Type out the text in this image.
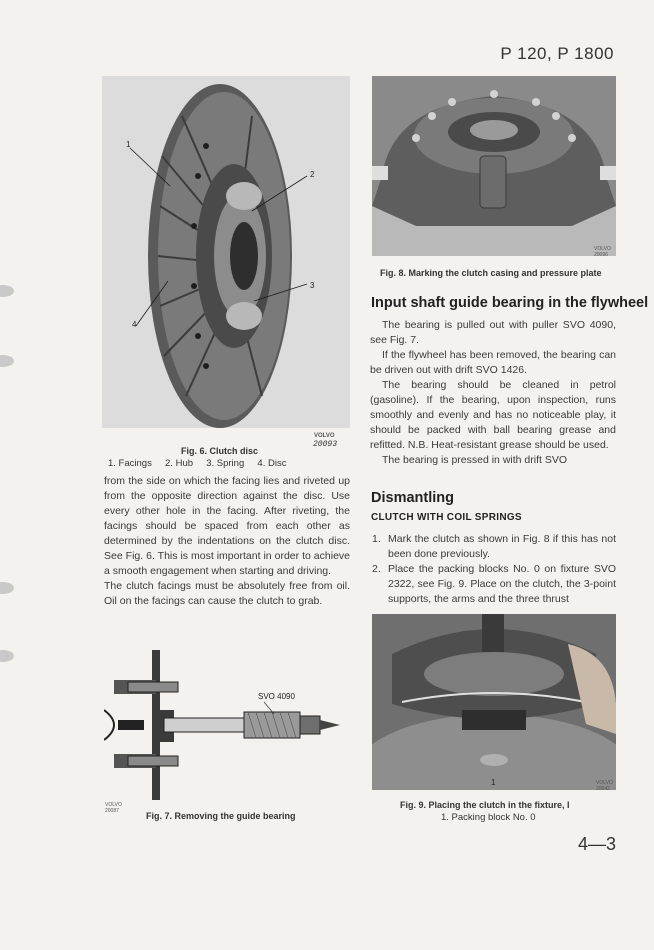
P 120, P 1800
1
2
3
4
VOLVO
20093
Fig. 6. Clutch disc
1. Facings     2. Hub     3. Spring     4. Disc
VOLVO 20096
Fig. 8. Marking the clutch casing and pressure plate
Input shaft guide bearing in the flywheel

The bearing is pulled out with puller SVO 4090, see Fig. 7.

If the flywheel has been removed, the bearing can be driven out with drift SVO 1426.

The bearing should be cleaned in petrol (gasoline). If the bearing, upon inspection, runs smoothly and evenly and has no noticeable play, it should be packed with ball bearing grease and refitted. N.B. Heat-resistant grease should be used.

The bearing is pressed in with drift SVO

from the side on which the facing lies and riveted up from the opposite direction against the disc. Use every other hole in the facing. After riveting, the facings should be spaced from each other as determined by the indentations on the clutch disc. See Fig. 6. This is most important in order to achieve a smooth engagement when starting and driving.

The clutch facings must be absolutely free from oil. Oil on the facings can cause the clutch to grab.

Dismantling
CLUTCH WITH COIL SPRINGS
1. Mark the clutch as shown in Fig. 8 if this has not been done previously.
2. Place the packing blocks No. 0 on fixture SVO 2322, see Fig. 9. Place on the clutch, the 3-point supports, the arms and the three thrust
SVO 4090
VOLVO 20087	Fig. 7. Removing the guide bearing
1	VOLVO 20042
Fig. 9. Placing the clutch in the fixture, I
1. Packing block No. 0
4—3
